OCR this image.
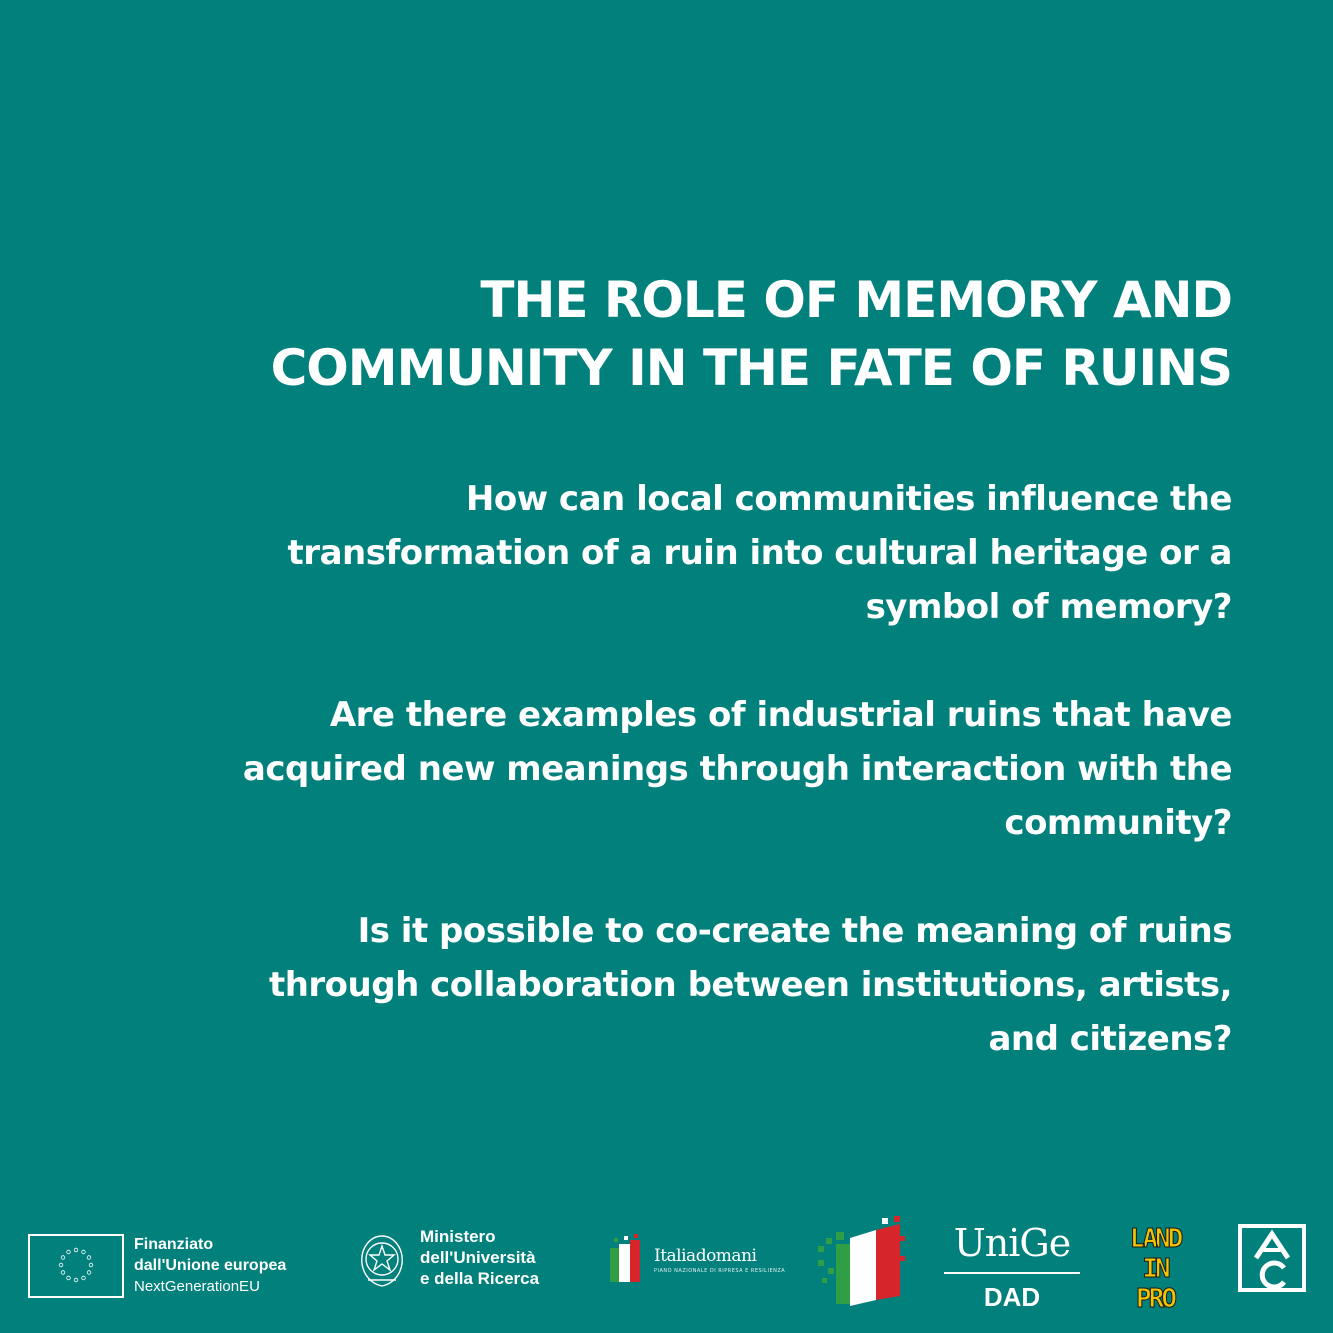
THE ROLE OF MEMORY AND
COMMUNITY IN THE FATE OF RUINS

How can local communities influence the
transformation of a ruin into cultural heritage or a
symbol of memory?

Are there examples of industrial ruins that have
acquired new meanings through interaction with the
community?

Is it possible to co-create the meaning of ruins
through collaboration between institutions, artists,
and citizens?

Finanziato
dall'Unione europea
NextGenerationEU
Ministero
dell'Università
e della Ricerca
Italiadomani
PIANO NAZIONALE DI RIPRESA E RESILIENZA
UniGe
DAD
LAND
IN
PRO
